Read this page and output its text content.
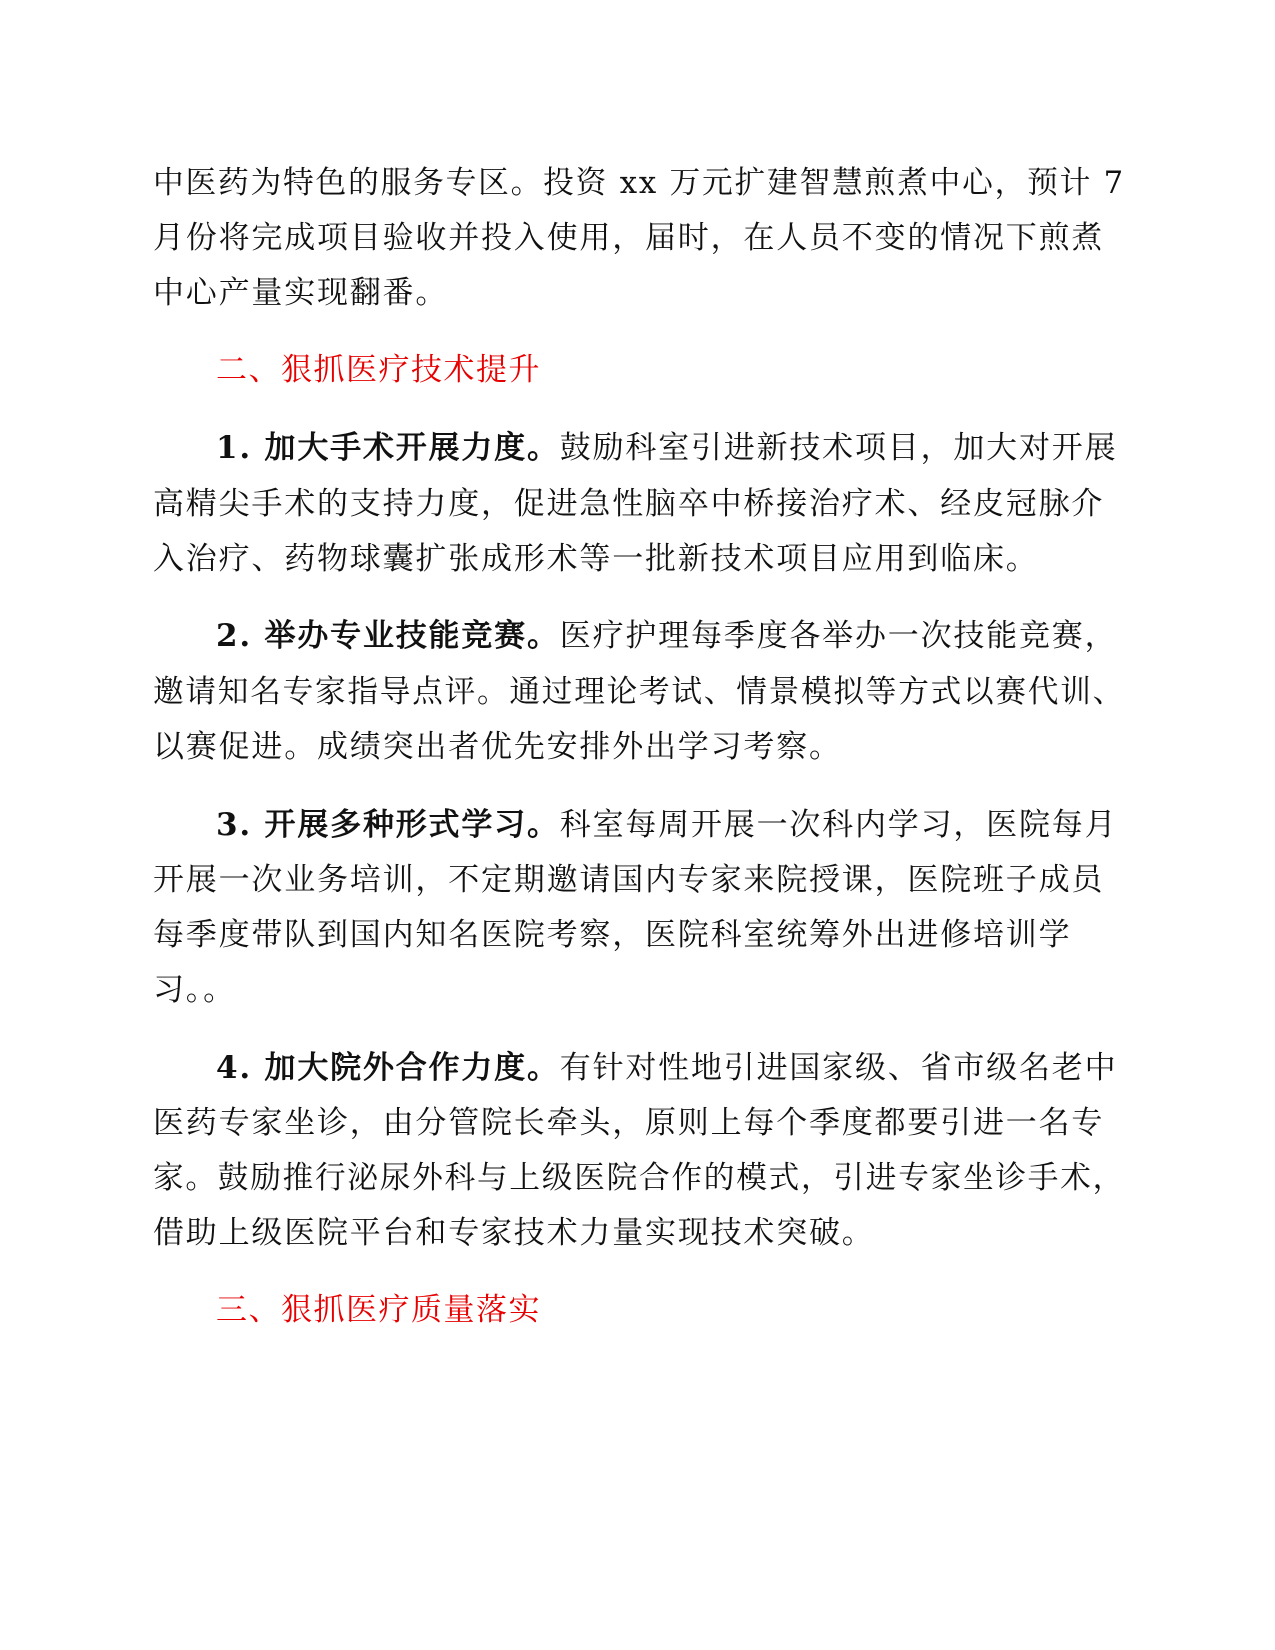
中医药为特色的服务专区。投资 xx 万元扩建智慧煎煮中心，预计 7
月份将完成项目验收并投入使用，届时，在人员不变的情况下煎煮
中心产量实现翻番。
二、狠抓医疗技术提升
1. 加大手术开展力度。鼓励科室引进新技术项目，加大对开展
高精尖手术的支持力度，促进急性脑卒中桥接治疗术、经皮冠脉介
入治疗、药物球囊扩张成形术等一批新技术项目应用到临床。
2. 举办专业技能竞赛。医疗护理每季度各举办一次技能竞赛，
邀请知名专家指导点评。通过理论考试、情景模拟等方式以赛代训、
以赛促进。成绩突出者优先安排外出学习考察。
3. 开展多种形式学习。科室每周开展一次科内学习，医院每月
开展一次业务培训，不定期邀请国内专家来院授课，医院班子成员
每季度带队到国内知名医院考察，医院科室统筹外出进修培训学
习。。
4. 加大院外合作力度。有针对性地引进国家级、省市级名老中
医药专家坐诊，由分管院长牵头，原则上每个季度都要引进一名专
家。鼓励推行泌尿外科与上级医院合作的模式，引进专家坐诊手术，
借助上级医院平台和专家技术力量实现技术突破。
三、狠抓医疗质量落实
